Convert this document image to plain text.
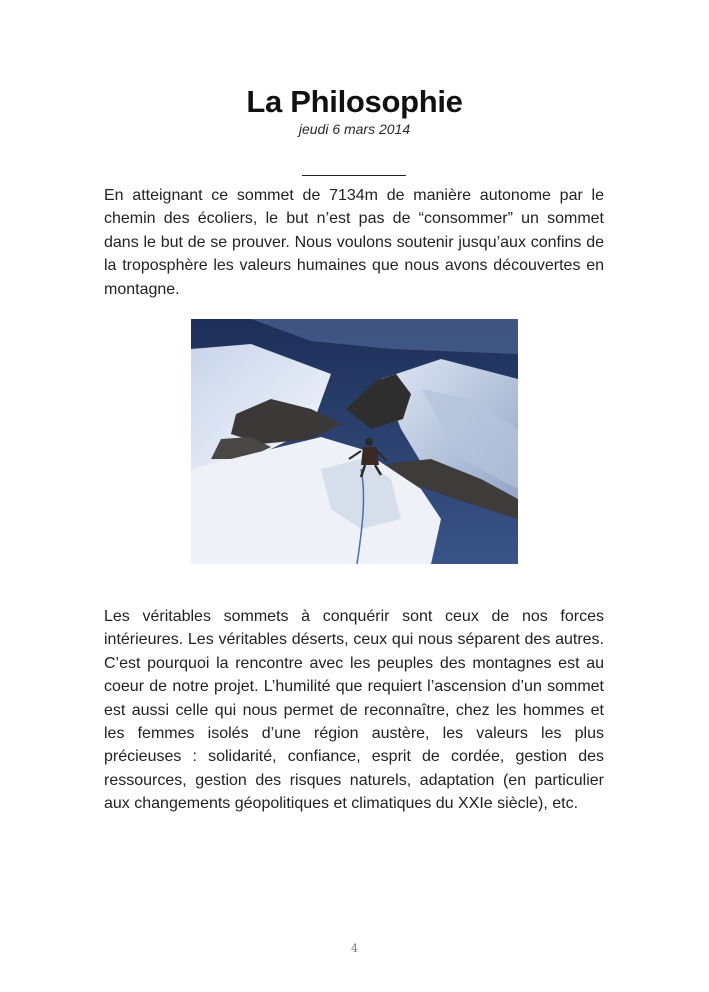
La Philosophie
jeudi 6 mars 2014
En atteignant ce sommet de 7134m de manière autonome par le chemin des écoliers, le but n’est pas de “consommer” un sommet dans le but de se prouver. Nous voulons soutenir jusqu’aux confins de la troposphère les valeurs humaines que nous avons découvertes en montagne.
Les véritables sommets à conquérir sont ceux de nos forces intérieures. Les véritables déserts, ceux qui nous séparent des autres. C’est pourquoi la rencontre avec les peuples des montagnes est au coeur de notre projet. L’humilité que requiert l’ascension d’un sommet est aussi celle qui nous permet de reconnaître, chez les hommes et les femmes isolés d’une région austère, les valeurs les plus précieuses : solidarité, confiance, esprit de cordée, gestion des ressources, gestion des risques naturels, adaptation (en particulier aux changements géopolitiques et climatiques du XXIe siècle), etc.
4
